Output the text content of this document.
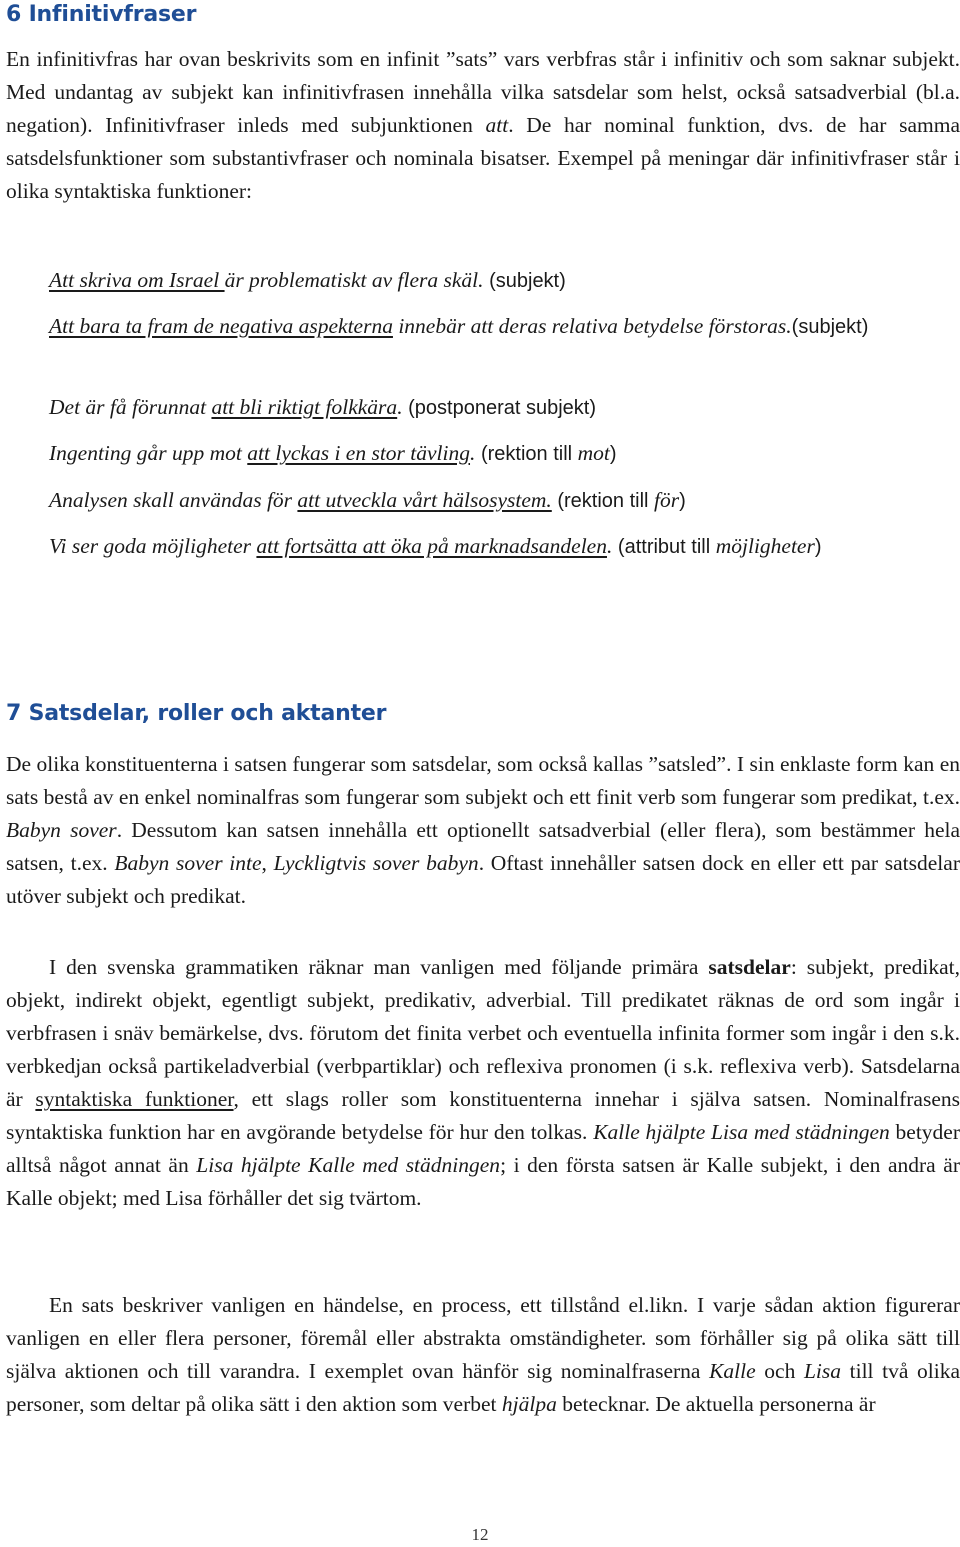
6 Infinitivfraser

En infinitivfras har ovan beskrivits som en infinit ”sats” vars verbfras står i infinitiv och som saknar subjekt. Med undantag av subjekt kan infinitivfrasen innehålla vilka satsdelar som helst, också satsadverbial (bl.a. negation). Infinitivfraser inleds med subjunktionen att. De har nominal funktion, dvs. de har samma satsdelsfunktioner som substantivfraser och nominala bisatser. Exempel på meningar där infinitivfraser står i olika syntaktiska funktioner:

Att skriva om Israel är problematiskt av flera skäl. (subjekt)

Att bara ta fram de negativa aspekterna innebär att deras relativa betydelse förstoras.(subjekt)

Det är få förunnat att bli riktigt folkkära. (postponerat subjekt)

Ingenting går upp mot att lyckas i en stor tävling. (rektion till mot)

Analysen skall användas för att utveckla vårt hälsosystem. (rektion till för)

Vi ser goda möjligheter att fortsätta att öka på marknadsandelen. (attribut till möjligheter)

7 Satsdelar, roller och aktanter

De olika konstituenterna i satsen fungerar som satsdelar, som också kallas ”satsled”. I sin enklaste form kan en sats bestå av en enkel nominalfras som fungerar som subjekt och ett finit verb som fungerar som predikat, t.ex. Babyn sover. Dessutom kan satsen innehålla ett optionellt satsadverbial (eller flera), som bestämmer hela satsen, t.ex. Babyn sover inte, Lyckligtvis sover babyn. Oftast innehåller satsen dock en eller ett par satsdelar utöver subjekt och predikat.

I den svenska grammatiken räknar man vanligen med följande primära satsdelar: subjekt, predikat, objekt, indirekt objekt, egentligt subjekt, predikativ, adverbial. Till predikatet räknas de ord som ingår i verbfrasen i snäv bemärkelse, dvs. förutom det finita verbet och eventuella infinita former som ingår i den s.k. verbkedjan också partikeladverbial (verbpartiklar) och reflexiva pronomen (i s.k. reflexiva verb). Satsdelarna är syntaktiska funktioner, ett slags roller som konstituenterna innehar i själva satsen. Nominalfrasens syntaktiska funktion har en avgörande betydelse för hur den tolkas. Kalle hjälpte Lisa med städningen betyder alltså något annat än Lisa hjälpte Kalle med städningen; i den första satsen är Kalle subjekt, i den andra är Kalle objekt; med Lisa förhåller det sig tvärtom.

En sats beskriver vanligen en händelse, en process, ett tillstånd el.likn. I varje sådan aktion figurerar vanligen en eller flera personer, föremål eller abstrakta omständigheter. som förhåller sig på olika sätt till själva aktionen och till varandra. I exemplet ovan hänför sig nominalfraserna Kalle och Lisa till två olika personer, som deltar på olika sätt i den aktion som verbet hjälpa betecknar. De aktuella personerna är

12
